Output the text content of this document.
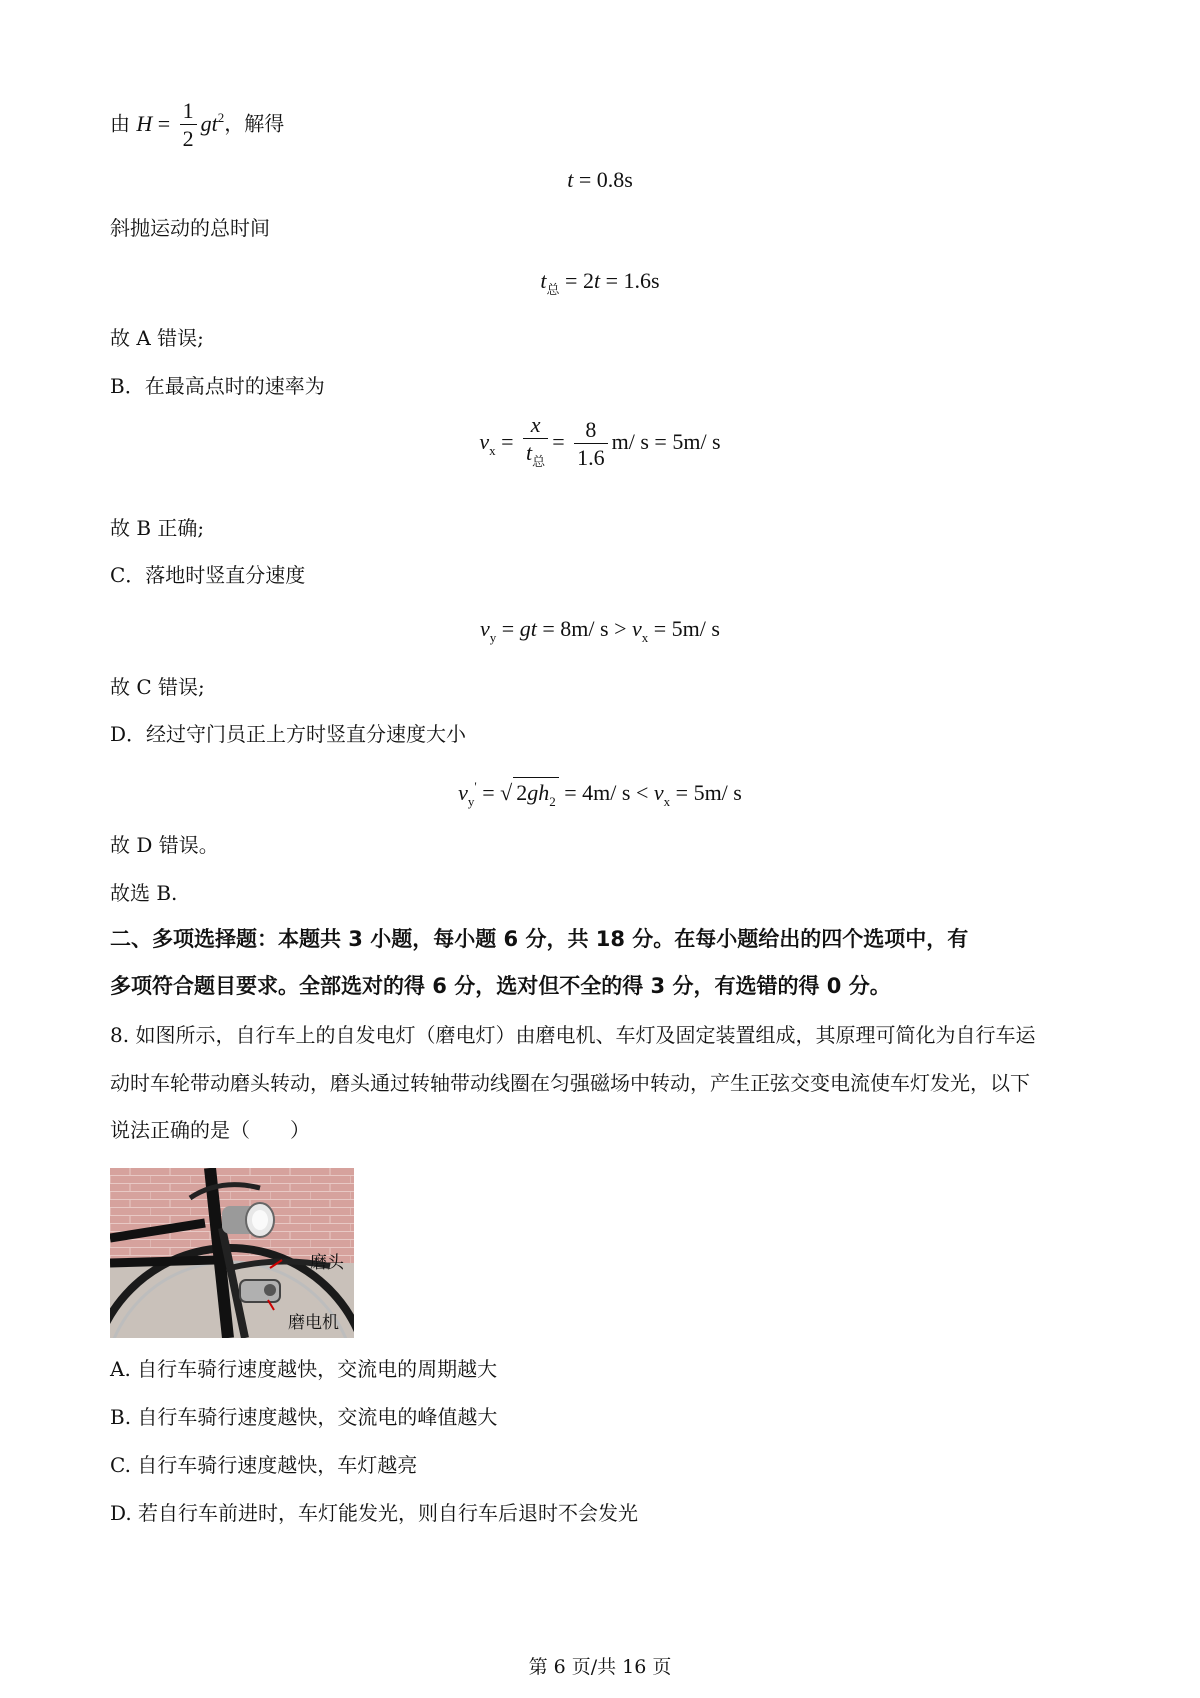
由 $H = \frac{1}{2} gt^2$，解得
t = 0.8s
斜抛运动的总时间
$t_总 = 2t = 1.6s$
故 A 错误;
B．在最高点时的速率为
$v_x = \frac{x}{t_总} = \frac{8}{1.6} m/$ s = 5m/ s
故 B 正确;
C．落地时竖直分速度
$v_y$ = gt = 8m/ $s > v_x = 5m/$ s
故 C 错误;
D．经过守门员正上方时竖直分速度大小
$v_y'$ = √ $2gh_2 = 4m/$ $s < v_x = 5m/$ s
故 D 错误。
故选 B.
二、多项选择题：本题共 3 小题，每小题 6 分，共 18 分。在每小题给出的四个选项中，有
多项符合题目要求。全部选对的得 6 分，选对但不全的得 3 分，有选错的得 0 分。
8. 如图所示，自行车上的自发电灯（磨电灯）由磨电机、车灯及固定装置组成，其原理可简化为自行车运
动时车轮带动磨头转动，磨头通过转轴带动线圈在匀强磁场中转动，产生正弦交变电流使车灯发光，以下
说法正确的是（　　）
磨头
磨电机
A. 自行车骑行速度越快，交流电的周期越大
B. 自行车骑行速度越快，交流电的峰值越大
C. 自行车骑行速度越快，车灯越亮
D. 若自行车前进时，车灯能发光，则自行车后退时不会发光
第 6 页/共 16 页
